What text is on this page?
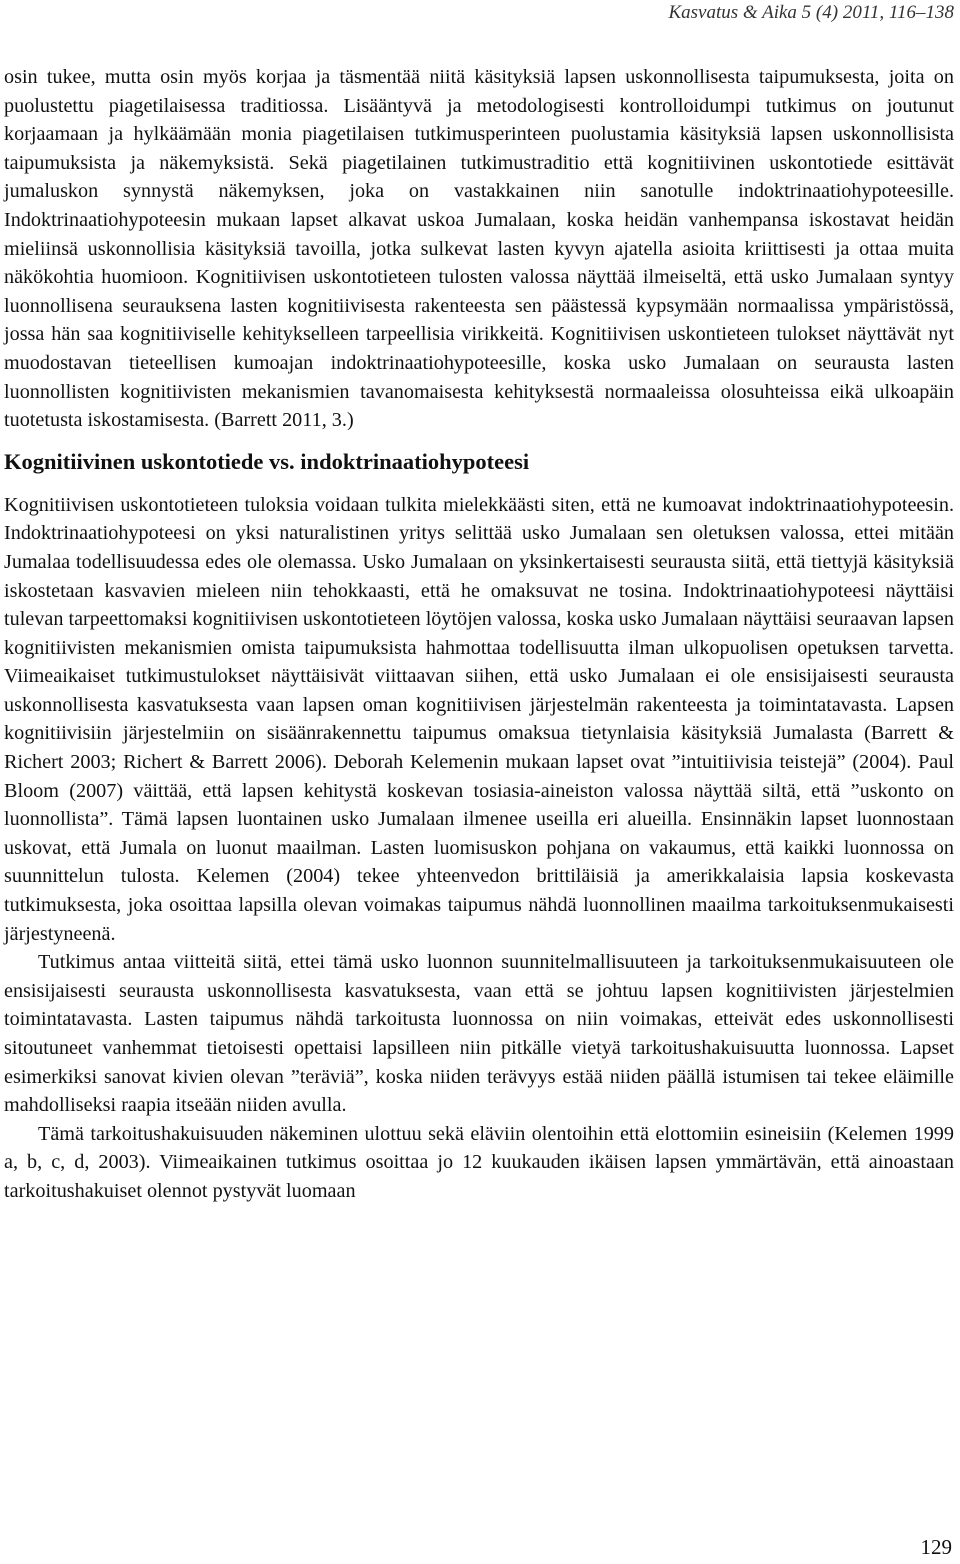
Kasvatus & Aika 5 (4) 2011, 116–138

osin tukee, mutta osin myös korjaa ja täsmentää niitä käsityksiä lapsen uskonnollisesta taipumuksesta, joita on puolustettu piagetilaisessa traditiossa. Lisääntyvä ja metodologisesti kontrolloidumpi tutkimus on joutunut korjaamaan ja hylkäämään monia piagetilaisen tutkimusperinteen puolustamia käsityksiä lapsen uskonnollisista taipumuksista ja näkemyksistä. Sekä piagetilainen tutkimustraditio että kognitiivinen uskontotiede esittävät jumaluskon synnystä näkemyksen, joka on vastakkainen niin sanotulle indoktrinaatiohypoteesille. Indoktrinaatiohypoteesin mukaan lapset alkavat uskoa Jumalaan, koska heidän vanhempansa iskostavat heidän mieliinsä uskonnollisia käsityksiä tavoilla, jotka sulkevat lasten kyvyn ajatella asioita kriittisesti ja ottaa muita näkökohtia huomioon. Kognitiivisen uskontotieteen tulosten valossa näyttää ilmeiseltä, että usko Jumalaan syntyy luonnollisena seurauksena lasten kognitiivisesta rakenteesta sen päästessä kypsymään normaalissa ympäristössä, jossa hän saa kognitiiviselle kehitykselleen tarpeellisia virikkeitä. Kognitiivisen uskontieteen tulokset näyttävät nyt muodostavan tieteellisen kumoajan indoktrinaatiohypoteesille, koska usko Jumalaan on seurausta lasten luonnollisten kognitiivisten mekanismien tavanomaisesta kehityksestä normaaleissa olosuhteissa eikä ulkoapäin tuotetusta iskostamisesta. (Barrett 2011, 3.)

Kognitiivinen uskontotiede vs. indoktrinaatiohypoteesi

Kognitiivisen uskontotieteen tuloksia voidaan tulkita mielekkäästi siten, että ne kumoavat indoktrinaatiohypoteesin. Indoktrinaatiohypoteesi on yksi naturalistinen yritys selittää usko Jumalaan sen oletuksen valossa, ettei mitään Jumalaa todellisuudessa edes ole olemassa. Usko Jumalaan on yksinkertaisesti seurausta siitä, että tiettyjä käsityksiä iskostetaan kasvavien mieleen niin tehokkaasti, että he omaksuvat ne tosina. Indoktrinaatiohypoteesi näyttäisi tulevan tarpeettomaksi kognitiivisen uskontotieteen löytöjen valossa, koska usko Jumalaan näyttäisi seuraavan lapsen kognitiivisten mekanismien omista taipumuksista hahmottaa todellisuutta ilman ulkopuolisen opetuksen tarvetta. Viimeaikaiset tutkimustulokset näyttäisivät viittaavan siihen, että usko Jumalaan ei ole ensisijaisesti seurausta uskonnollisesta kasvatuksesta vaan lapsen oman kognitiivisen järjestelmän rakenteesta ja toimintatavasta. Lapsen kognitiivisiin järjestelmiin on sisäänrakennettu taipumus omaksua tietynlaisia käsityksiä Jumalasta (Barrett & Richert 2003; Richert & Barrett 2006). Deborah Kelemenin mukaan lapset ovat ”intuitiivisia teistejä” (2004). Paul Bloom (2007) väittää, että lapsen kehitystä koskevan tosiasia-aineiston valossa näyttää siltä, että ”uskonto on luonnollista”. Tämä lapsen luontainen usko Jumalaan ilmenee useilla eri alueilla. Ensinnäkin lapset luonnostaan uskovat, että Jumala on luonut maailman. Lasten luomisuskon pohjana on vakaumus, että kaikki luonnossa on suunnittelun tulosta. Kelemen (2004) tekee yhteenvedon brittiläisiä ja amerikkalaisia lapsia koskevasta tutkimuksesta, joka osoittaa lapsilla olevan voimakas taipumus nähdä luonnollinen maailma tarkoituksenmukaisesti järjestyneenä.

Tutkimus antaa viitteitä siitä, ettei tämä usko luonnon suunnitelmallisuuteen ja tarkoituksenmukaisuuteen ole ensisijaisesti seurausta uskonnollisesta kasvatuksesta, vaan että se johtuu lapsen kognitiivisten järjestelmien toimintatavasta. Lasten taipumus nähdä tarkoitusta luonnossa on niin voimakas, etteivät edes uskonnollisesti sitoutuneet vanhemmat tietoisesti opettaisi lapsilleen niin pitkälle vietyä tarkoitushakuisuutta luonnossa. Lapset esimerkiksi sanovat kivien olevan ”teräviä”, koska niiden terävyys estää niiden päällä istumisen tai tekee eläimille mahdolliseksi raapia itseään niiden avulla.

Tämä tarkoitushakuisuuden näkeminen ulottuu sekä eläviin olentoihin että elottomiin esineisiin (Kelemen 1999 a, b, c, d, 2003). Viimeaikainen tutkimus osoittaa jo 12 kuukauden ikäisen lapsen ymmärtävän, että ainoastaan tarkoitushakuiset olennot pystyvät luomaan

129
